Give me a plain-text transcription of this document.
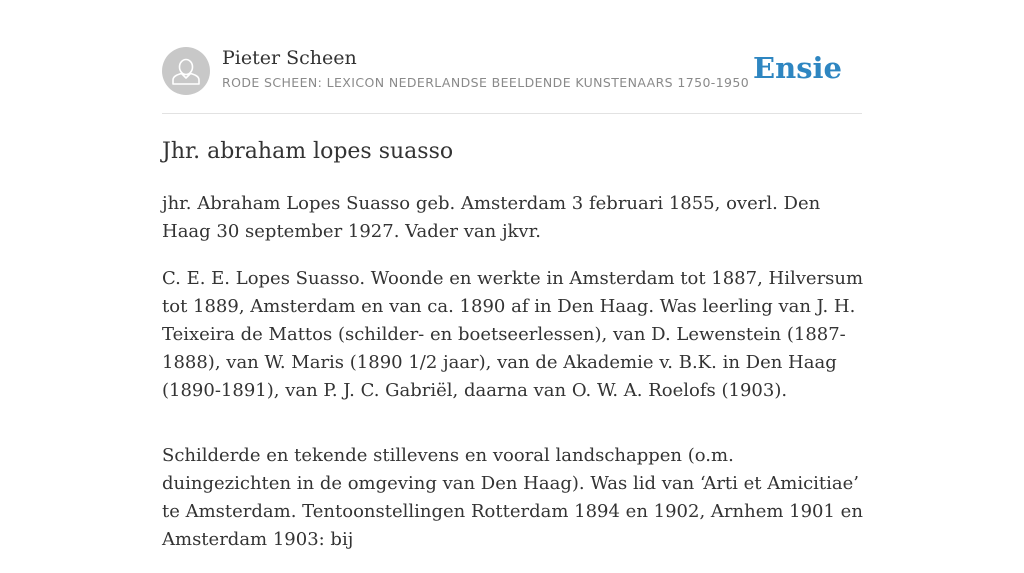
Pieter Scheen
RODE SCHEEN: LEXICON NEDERLANDSE BEELDENDE KUNSTENAARS 1750-1950 Ensie
Jhr. abraham lopes suasso

jhr. Abraham Lopes Suasso geb. Amsterdam 3 februari 1855, overl. Den Haag 30 september 1927. Vader van jkvr.

C. E. E. Lopes Suasso. Woonde en werkte in Amsterdam tot 1887, Hilversum tot 1889, Amsterdam en van ca. 1890 af in Den Haag. Was leerling van J. H. Teixeira de Mattos (schilder- en boetseerlessen), van D. Lewenstein (1887-1888), van W. Maris (1890 1/2 jaar), van de Akademie v. B.K. in Den Haag (1890-1891), van P. J. C. Gabriël, daarna van O. W. A. Roelofs (1903).

Schilderde en tekende stillevens en vooral landschappen (o.m. duingezichten in de omgeving van Den Haag). Was lid van ‘Arti et Amicitiae’ te Amsterdam. Tentoonstellingen Rotterdam 1894 en 1902, Arnhem 1901 en Amsterdam 1903: bij
